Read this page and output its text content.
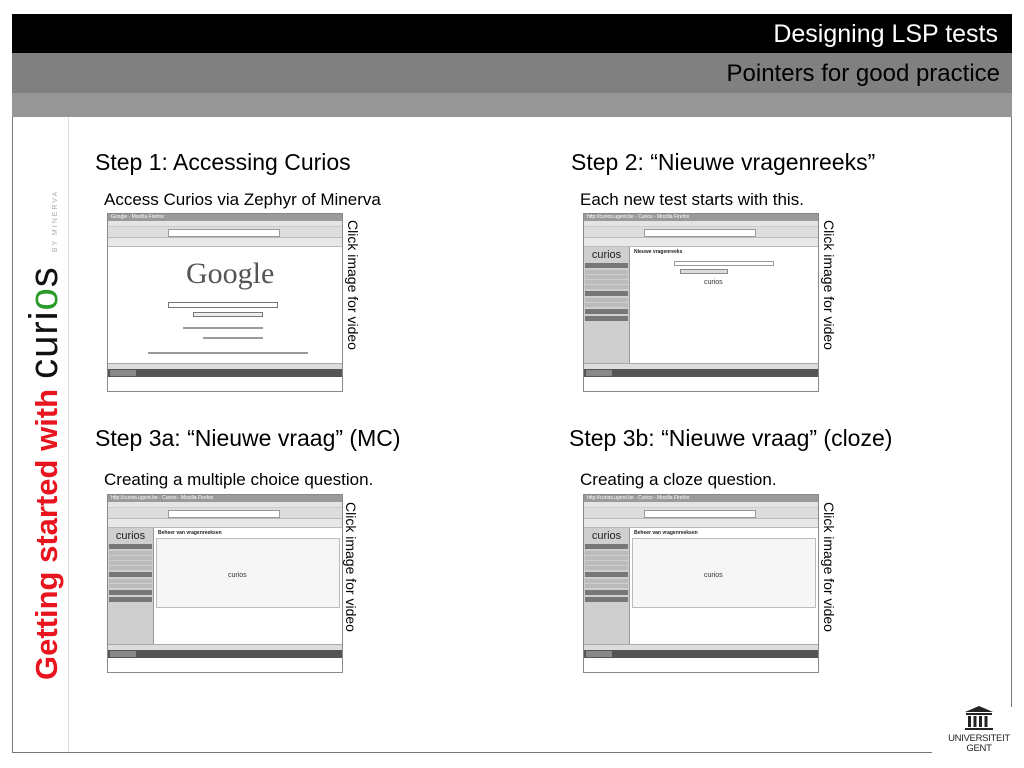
Designing LSP tests
Pointers for good practice
Getting started with
curios
BY MINERVA
Step 1: Accessing Curios
Access Curios via Zephyr of Minerva
Google - Mozilla Firefox
Google	Click image for video
Step 2: “Nieuwe vragenreeks”
Each new test starts with this.
http://curios.ugent.be - Curios - Mozilla Firefox
curios	Nieuwe vragenreeks
curios	Click image for video
Step 3a: “Nieuwe vraag” (MC)
Creating a multiple choice question.
http://curios.ugent.be - Curios - Mozilla Firefox
curios	Beheer van vragenreeksen
curios	Click image for video
Step 3b: “Nieuwe vraag” (cloze)
Creating a cloze question.
http://curios.ugent.be - Curios - Mozilla Firefox
curios	Beheer van vragenreeksen
curios	Click image for video
UNIVERSITEIT GENT
